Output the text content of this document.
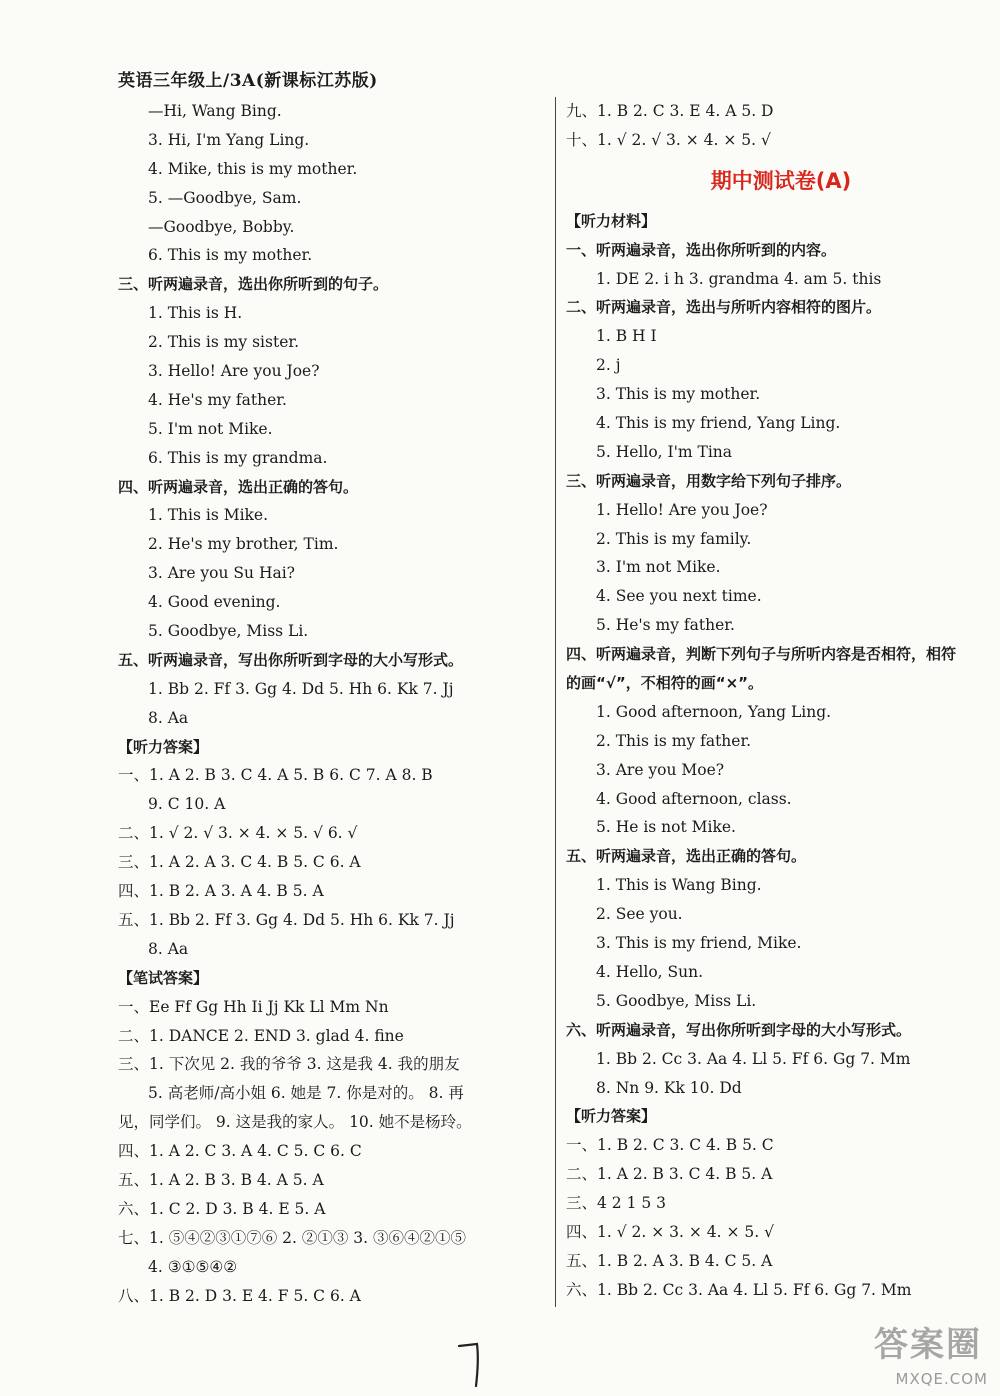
英语三年级上/3A(新课标江苏版)
—Hi, Wang Bing.
3. Hi, I'm Yang Ling.
4. Mike, this is my mother.
5. —Goodbye, Sam.
—Goodbye, Bobby.
6. This is my mother.
三、听两遍录音，选出你所听到的句子。
1. This is H.
2. This is my sister.
3. Hello! Are you Joe?
4. He's my father.
5. I'm not Mike.
6. This is my grandma.
四、听两遍录音，选出正确的答句。
1. This is Mike.
2. He's my brother, Tim.
3. Are you Su Hai?
4. Good evening.
5. Goodbye, Miss Li.
五、听两遍录音，写出你所听到字母的大小写形式。
1. Bb 2. Ff 3. Gg 4. Dd 5. Hh 6. Kk 7. Jj
8. Aa
【听力答案】
一、1. A 2. B 3. C 4. A 5. B 6. C 7. A 8. B
9. C 10. A
二、1. √ 2. √ 3. × 4. × 5. √ 6. √
三、1. A 2. A 3. C 4. B 5. C 6. A
四、1. B 2. A 3. A 4. B 5. A
五、1. Bb 2. Ff 3. Gg 4. Dd 5. Hh 6. Kk 7. Jj
8. Aa
【笔试答案】
一、Ee Ff Gg Hh Ii Jj Kk Ll Mm Nn
二、1. DANCE 2. END 3. glad 4. fine
三、1. 下次见 2. 我的爷爷 3. 这是我 4. 我的朋友
5. 高老师/高小姐 6. 她是 7. 你是对的。 8. 再
见，同学们。 9. 这是我的家人。 10. 她不是杨玲。
四、1. A 2. C 3. A 4. C 5. C 6. C
五、1. A 2. B 3. B 4. A 5. A
六、1. C 2. D 3. B 4. E 5. A
七、1. ⑤④②③①⑦⑥ 2. ②①③ 3. ③⑥④②①⑤
4. ③①⑤④②
八、1. B 2. D 3. E 4. F 5. C 6. A
九、1. B 2. C 3. E 4. A 5. D
十、1. √ 2. √ 3. × 4. × 5. √
期中测试卷(A)
【听力材料】
一、听两遍录音，选出你所听到的内容。
1. DE 2. i h 3. grandma 4. am 5. this
二、听两遍录音，选出与所听内容相符的图片。
1. B H I
2. j
3. This is my mother.
4. This is my friend, Yang Ling.
5. Hello, I'm Tina
三、听两遍录音，用数字给下列句子排序。
1. Hello! Are you Joe?
2. This is my family.
3. I'm not Mike.
4. See you next time.
5. He's my father.
四、听两遍录音，判断下列句子与所听内容是否相符，相符
的画“√”，不相符的画“×”。
1. Good afternoon, Yang Ling.
2. This is my father.
3. Are you Moe?
4. Good afternoon, class.
5. He is not Mike.
五、听两遍录音，选出正确的答句。
1. This is Wang Bing.
2. See you.
3. This is my friend, Mike.
4. Hello, Sun.
5. Goodbye, Miss Li.
六、听两遍录音，写出你所听到字母的大小写形式。
1. Bb 2. Cc 3. Aa 4. Ll 5. Ff 6. Gg 7. Mm
8. Nn 9. Kk 10. Dd
【听力答案】
一、1. B 2. C 3. C 4. B 5. C
二、1. A 2. B 3. C 4. B 5. A
三、4 2 1 5 3
四、1. √ 2. × 3. × 4. × 5. √
五、1. B 2. A 3. B 4. C 5. A
六、1. Bb 2. Cc 3. Aa 4. Ll 5. Ff 6. Gg 7. Mm
答案圈
MXQE.COM
